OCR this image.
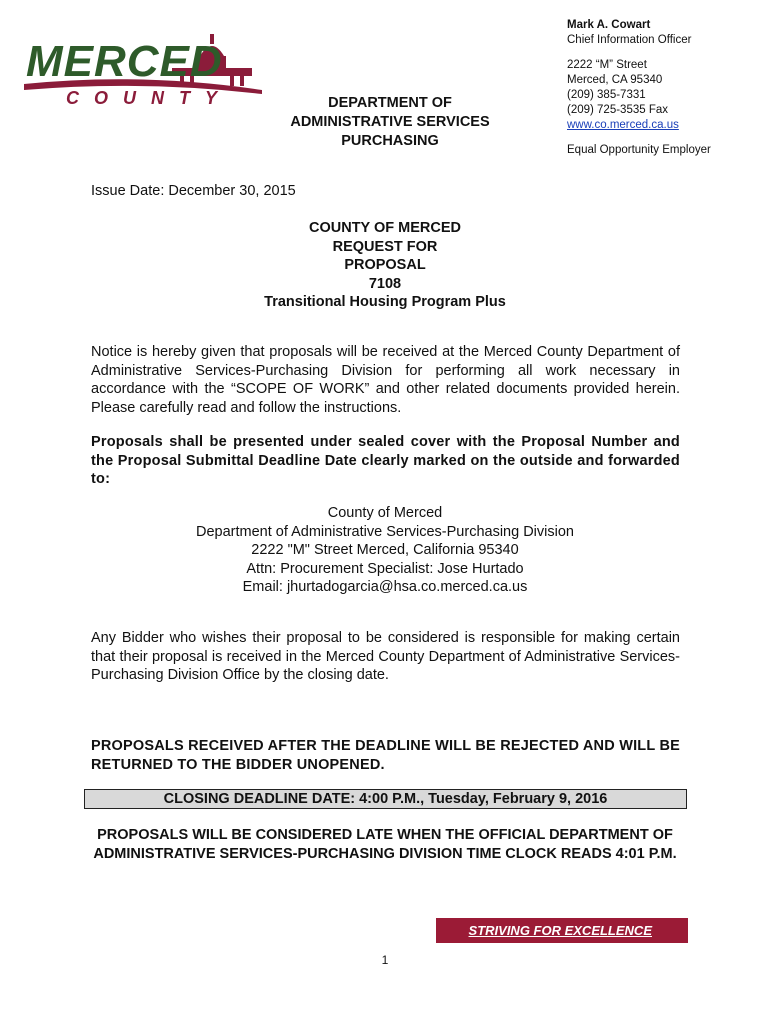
MERCED
COUNTY	DEPARTMENT OF
ADMINISTRATIVE SERVICES
PURCHASING
Mark A. Cowart
Chief Information Officer
2222 “M” Street
Merced, CA 95340
(209) 385-7331
(209) 725-3535 Fax
www.co.merced.ca.us
Equal Opportunity Employer
Issue Date: December 30, 2015
COUNTY OF MERCED
REQUEST FOR
PROPOSAL
7108
Transitional Housing Program Plus
Notice is hereby given that proposals will be received at the Merced County Department of Administrative Services-Purchasing Division for performing all work necessary in accordance with the “SCOPE OF WORK” and other related documents provided herein. Please carefully read and follow the instructions.
Proposals shall be presented under sealed cover with the Proposal Number and the Proposal Submittal Deadline Date clearly marked on the outside and forwarded to:
County of Merced
Department of Administrative Services-Purchasing Division
2222 "M" Street Merced, California 95340
Attn: Procurement Specialist: Jose Hurtado
Email: jhurtadogarcia@hsa.co.merced.ca.us
Any Bidder who wishes their proposal to be considered is responsible for making certain that their proposal is received in the Merced County Department of Administrative Services-Purchasing Division Office by the closing date.
PROPOSALS RECEIVED AFTER THE DEADLINE WILL BE REJECTED AND WILL BE RETURNED TO THE BIDDER UNOPENED.
CLOSING DEADLINE DATE: 4:00 P.M., Tuesday, February 9, 2016
PROPOSALS WILL BE CONSIDERED LATE WHEN THE OFFICIAL DEPARTMENT OF ADMINISTRATIVE SERVICES-PURCHASING DIVISION TIME CLOCK READS 4:01 P.M.
STRIVING FOR EXCELLENCE
1
